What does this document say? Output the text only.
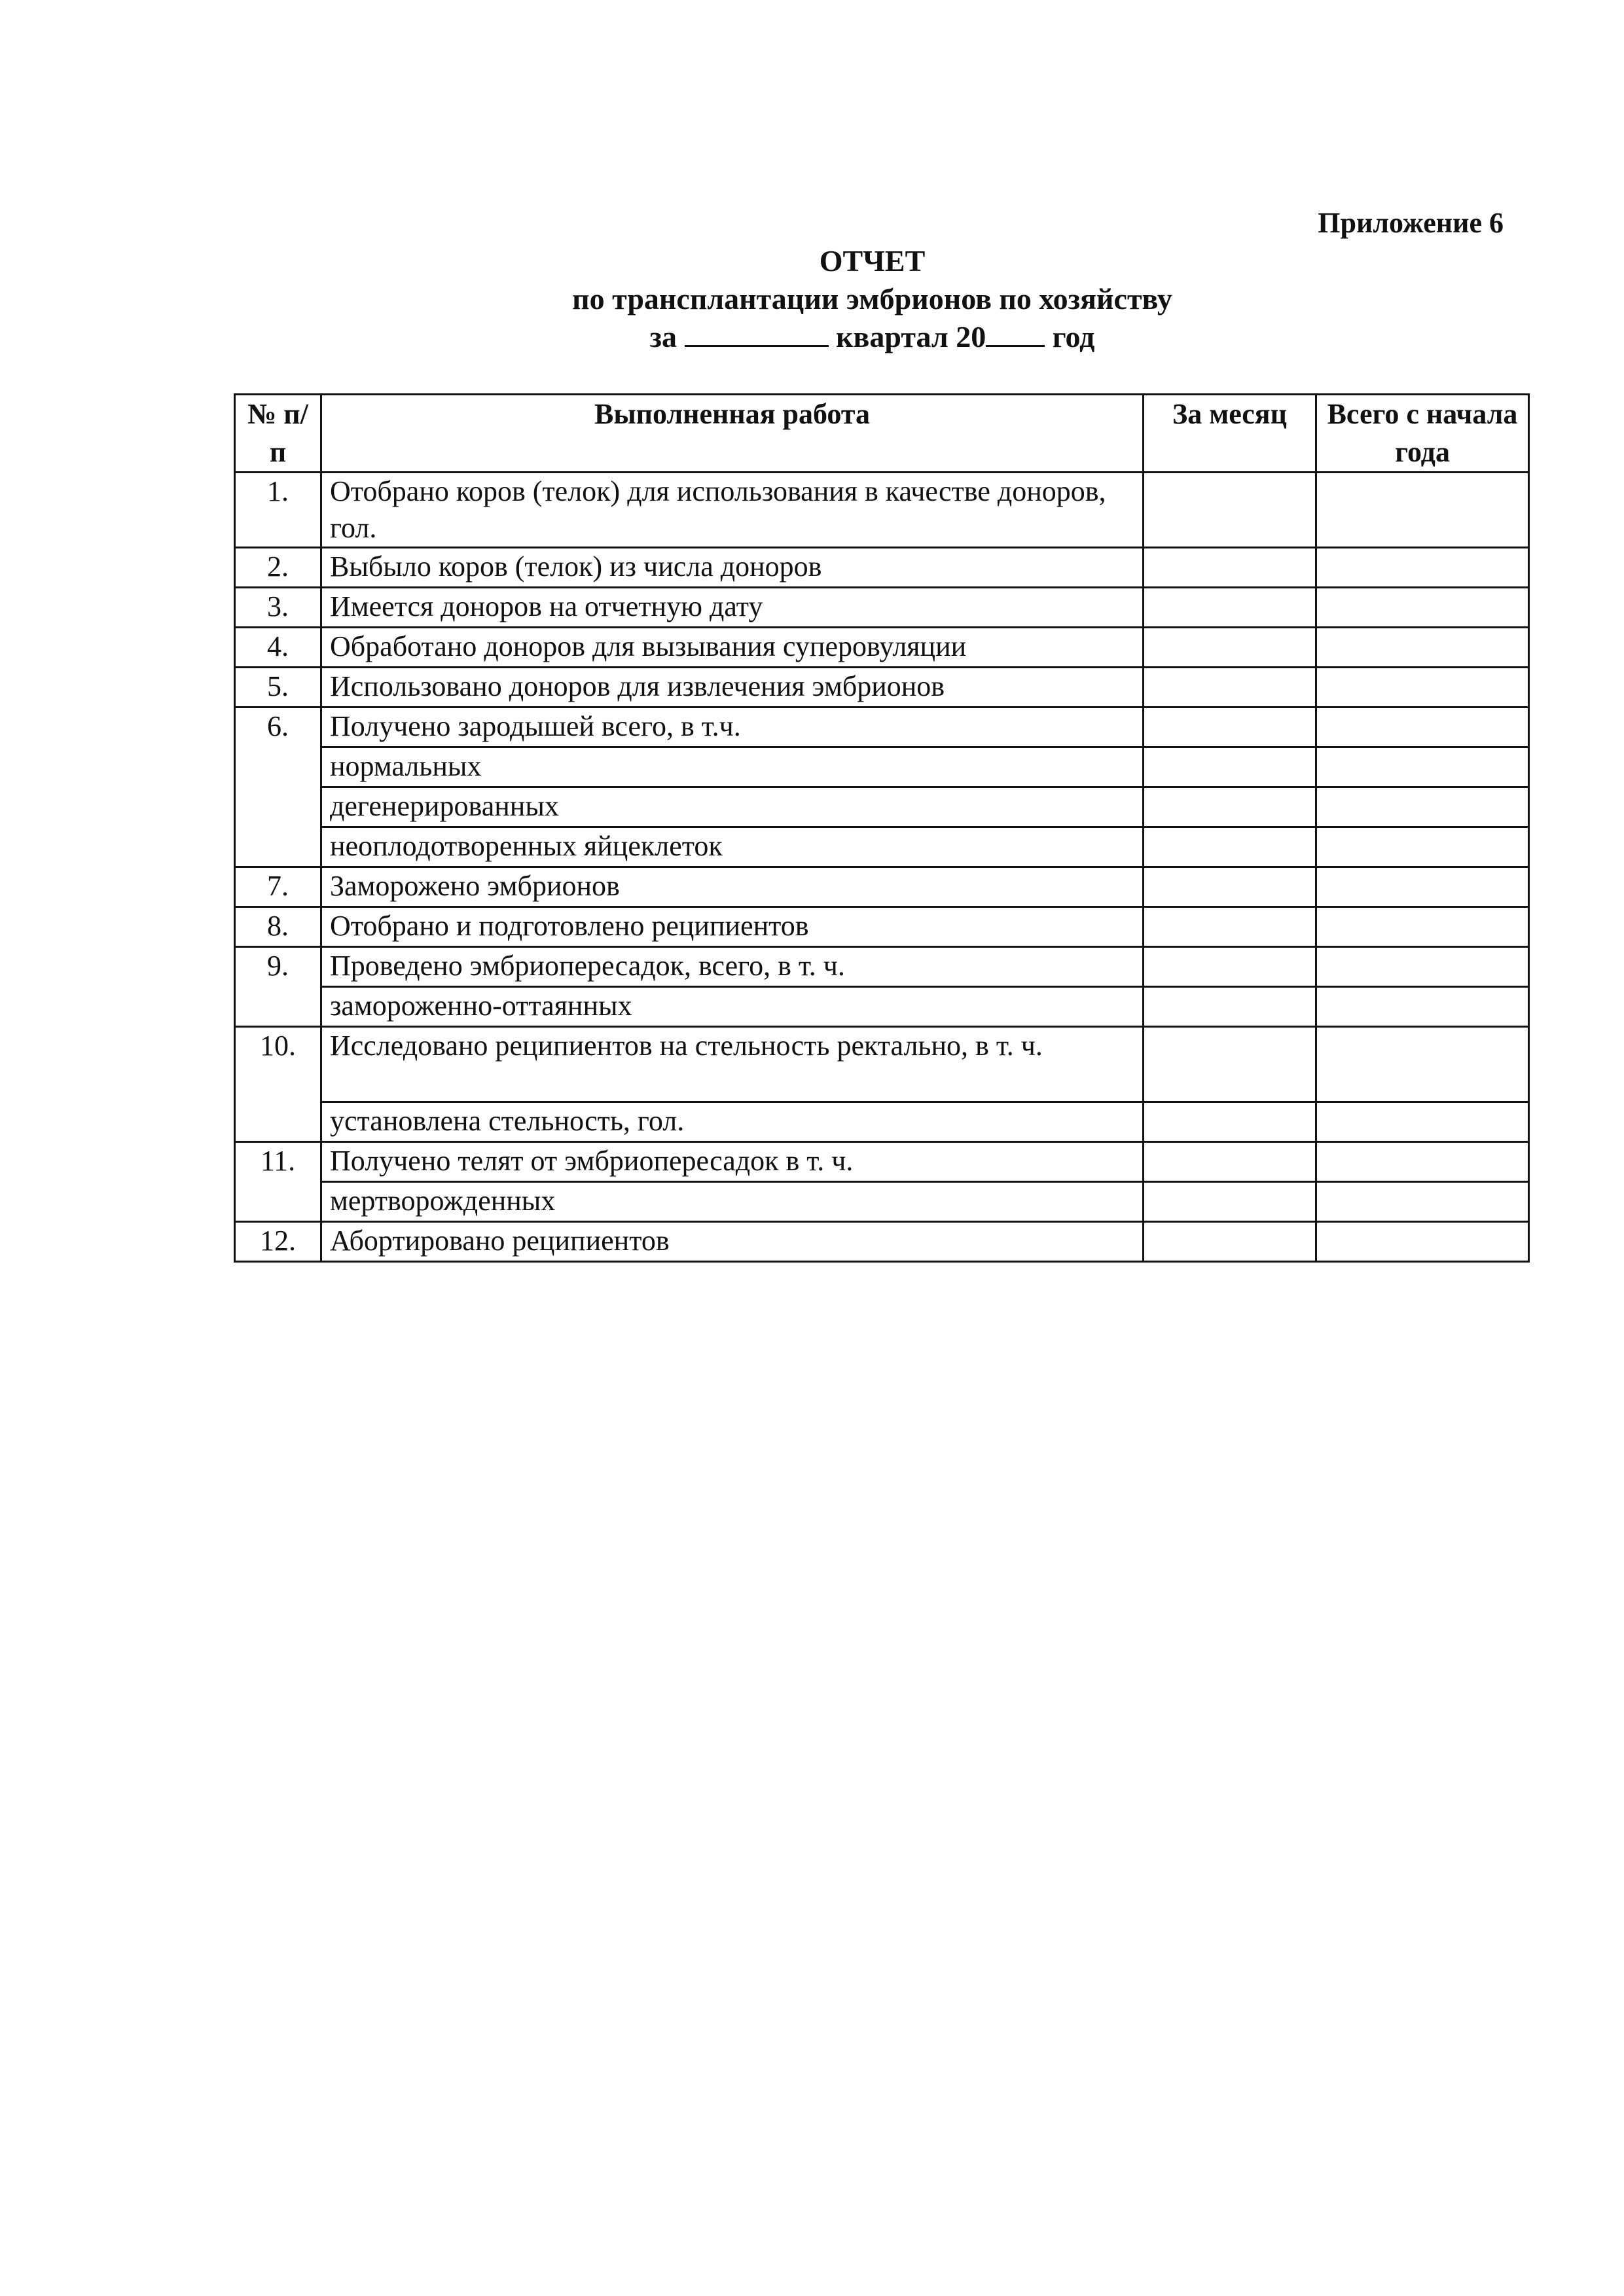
Приложение 6
ОТЧЕТ
по трансплантации эмбрионов по хозяйству
за	квартал 20 год
№ п/п	Выполненная работа	За месяц	Всего с начала года
1.	Отобрано коров (телок) для использования в качестве доноров, гол.		
2.	Выбыло коров (телок) из числа доноров		
3.	Имеется доноров на отчетную дату		
4.	Обработано доноров для вызывания суперовуляции		
5.	Использовано доноров для извлечения эмбрионов		
6.	Получено зародышей всего, в т.ч.		
	нормальных		
	дегенерированных		
	неоплодотворенных яйцеклеток		
7.	Заморожено эмбрионов		
8.	Отобрано и подготовлено реципиентов		
9.	Проведено эмбриопересадок, всего, в т. ч.		
	замороженно-оттаянных		
10.	Исследовано реципиентов на стельность ректально, в т. ч.		
	установлена стельность, гол.		
11.	Получено телят от эмбриопересадок в т. ч.		
	мертворожденных		
12.	Абортировано реципиентов		
